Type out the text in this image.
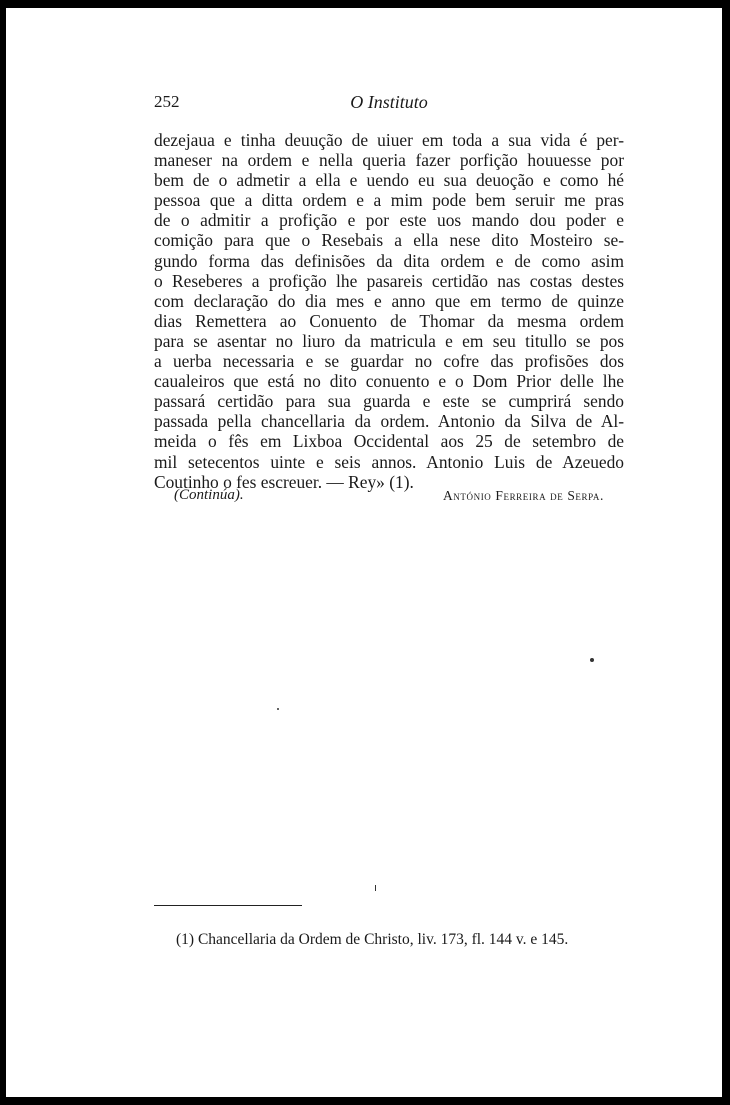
252	O Instituto
dezejaua e tinha deuução de uiuer em toda a sua vida é per-
maneser na ordem e nella queria fazer porfição houuesse por
bem de o admetir a ella e uendo eu sua deuoção e como hé
pessoa que a ditta ordem e a mim pode bem seruir me pras
de o admitir a profição e por este uos mando dou poder e
comição para que o Resebais a ella nese dito Mosteiro se-
gundo forma das definisões da dita ordem e de como asim
o Reseberes a profição lhe pasareis certidão nas costas destes
com declaração do dia mes e anno que em termo de quinze
dias Remettera ao Conuento de Thomar da mesma ordem
para se asentar no liuro da matricula e em seu titullo se pos
a uerba necessaria e se guardar no cofre das profisões dos
caualeiros que está no dito conuento e o Dom Prior delle lhe
passará certidão para sua guarda e este se cumprirá sendo
passada pella chancellaria da ordem. Antonio da Silva de Al-
meida o fês em Lixboa Occidental aos 25 de setembro de
mil setecentos uinte e seis annos. Antonio Luis de Azeuedo
Coutinho o fes escreuer. — Rey» (1).
(Continúa).	António Ferreira de Serpa.
(1) Chancellaria da Ordem de Christo, liv. 173, fl. 144 v. e 145.
